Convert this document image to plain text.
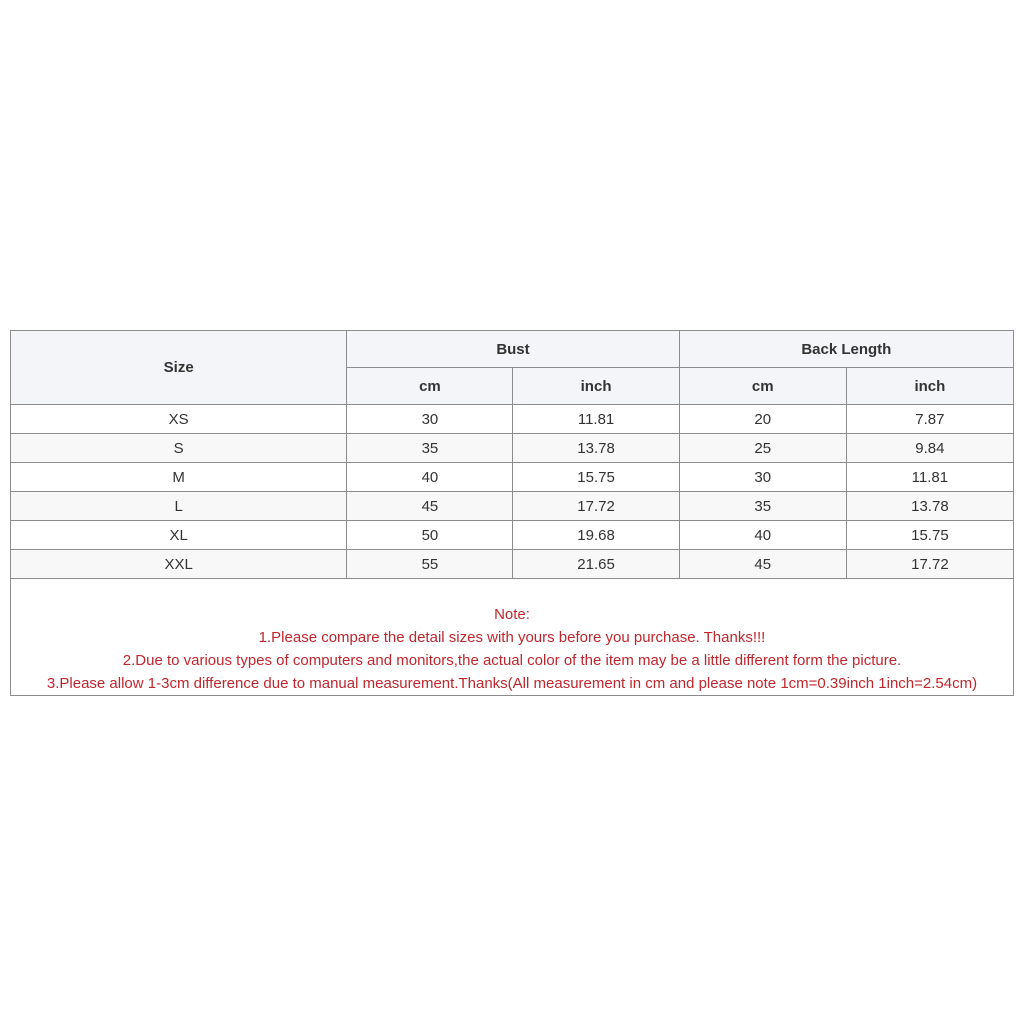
Size	Bust		Back Length	
	cm	inch	cm	inch
XS	30	11.81	20	7.87
S	35	13.78	25	9.84
M	40	15.75	30	11.81
L	45	17.72	35	13.78
XL	50	19.68	40	15.75
XXL	55	21.65	45	17.72
Note:
1.Please compare the detail sizes with yours before you purchase. Thanks!!!
2.Due to various types of computers and monitors,the actual color of the item may be a little different form the picture.
3.Please allow 1-3cm difference due to manual measurement.Thanks(All measurement in cm and please note 1cm=0.39inch 1inch=2.54cm)
